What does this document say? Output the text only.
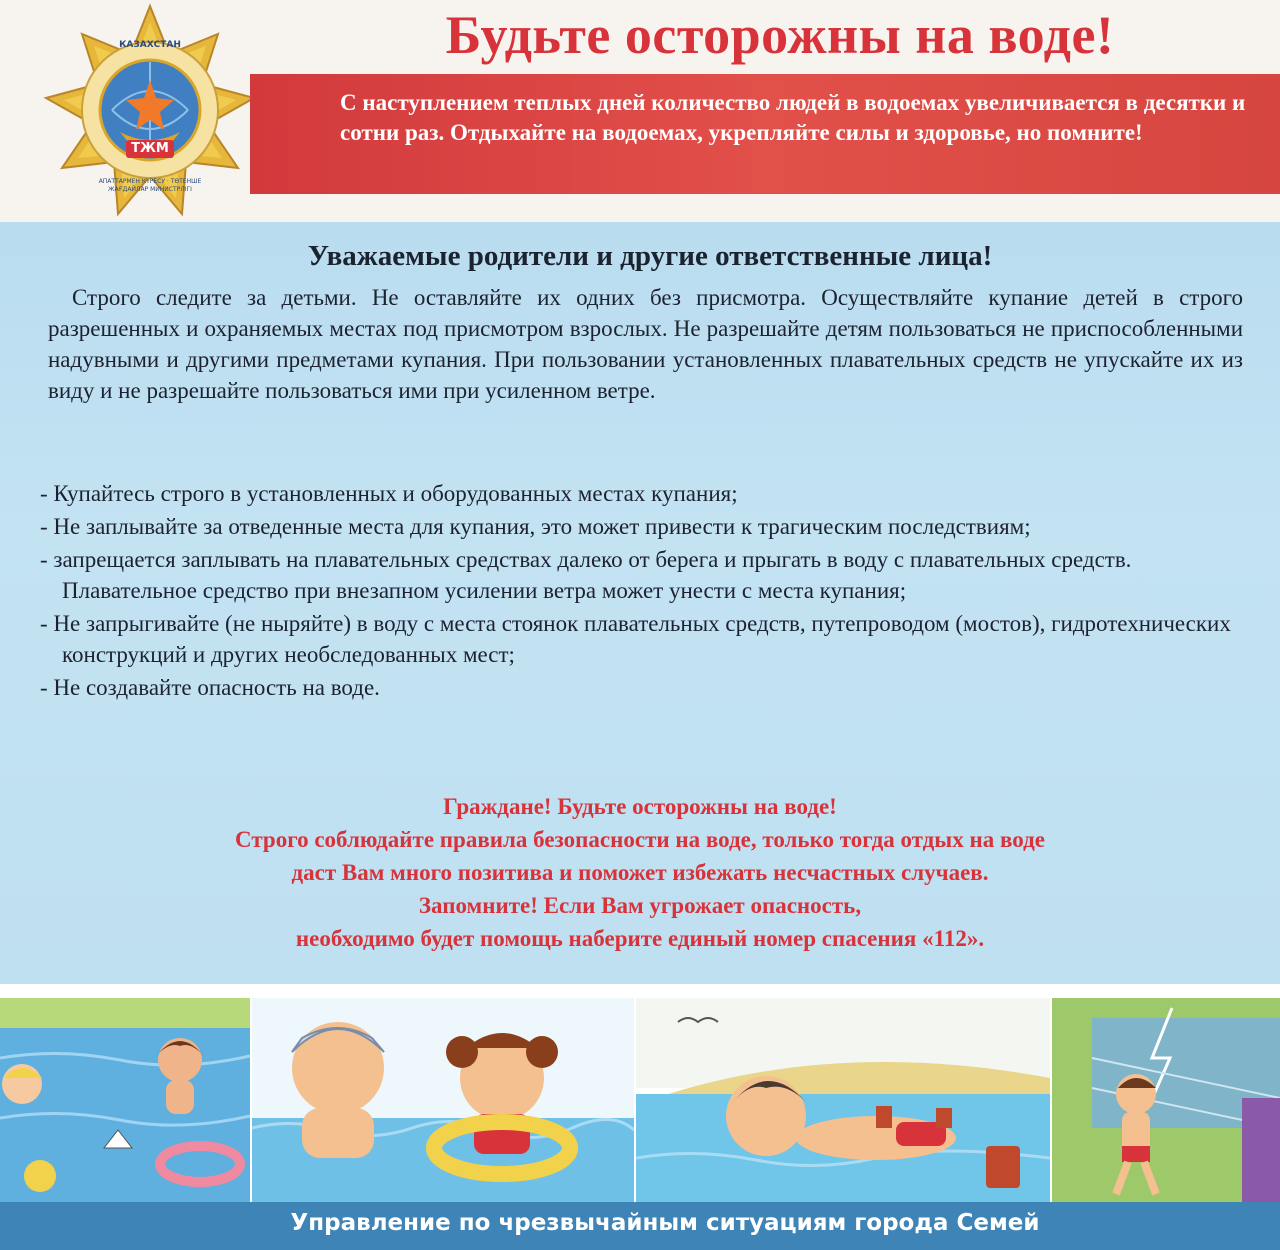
ТЖМ
КАЗАХСТАН
АПАТТАРМЕН КҮРЕСУ · ТӨТЕНШЕ ЖАҒДАЙЛАР МИНИСТРЛІГІ
Будьте осторожны на воде!

С наступлением теплых дней количество людей в водоемах увеличивается в десятки и сотни раз. Отдыхайте на водоемах, укрепляйте силы и здоровье, но помните!

Уважаемые родители и другие ответственные лица!

Строго следите за детьми. Не оставляйте их одних без присмотра. Осуществляйте купание детей в строго разрешенных и охраняемых местах под присмотром взрослых. Не разрешайте детям пользоваться не приспособленными надувными и другими предметами купания. При пользовании установленных плавательных средств не упускайте их из виду и не разрешайте пользоваться ими при усиленном ветре.

- Купайтесь строго в установленных и оборудованных местах купания;
- Не заплывайте за отведенные места для купания, это может привести к трагическим последствиям;
- запрещается заплывать на плавательных средствах далеко от берега и прыгать в воду с плавательных средств. Плавательное средство при внезапном усилении ветра может унести с места купания;
- Не запрыгивайте (не ныряйте) в воду с места стоянок плавательных средств, путепроводом (мостов), гидротехнических конструкций и других необследованных мест;
- Не создавайте опасность на воде.
Граждане! Будьте осторожны на воде!
Строго соблюдайте правила безопасности на воде, только тогда отдых на воде
даст Вам много позитива и поможет избежать несчастных случаев.
Запомните! Если Вам угрожает опасность,
необходимо будет помощь наберите единый номер спасения «112».
Управление по чрезвычайным ситуациям города Семей
